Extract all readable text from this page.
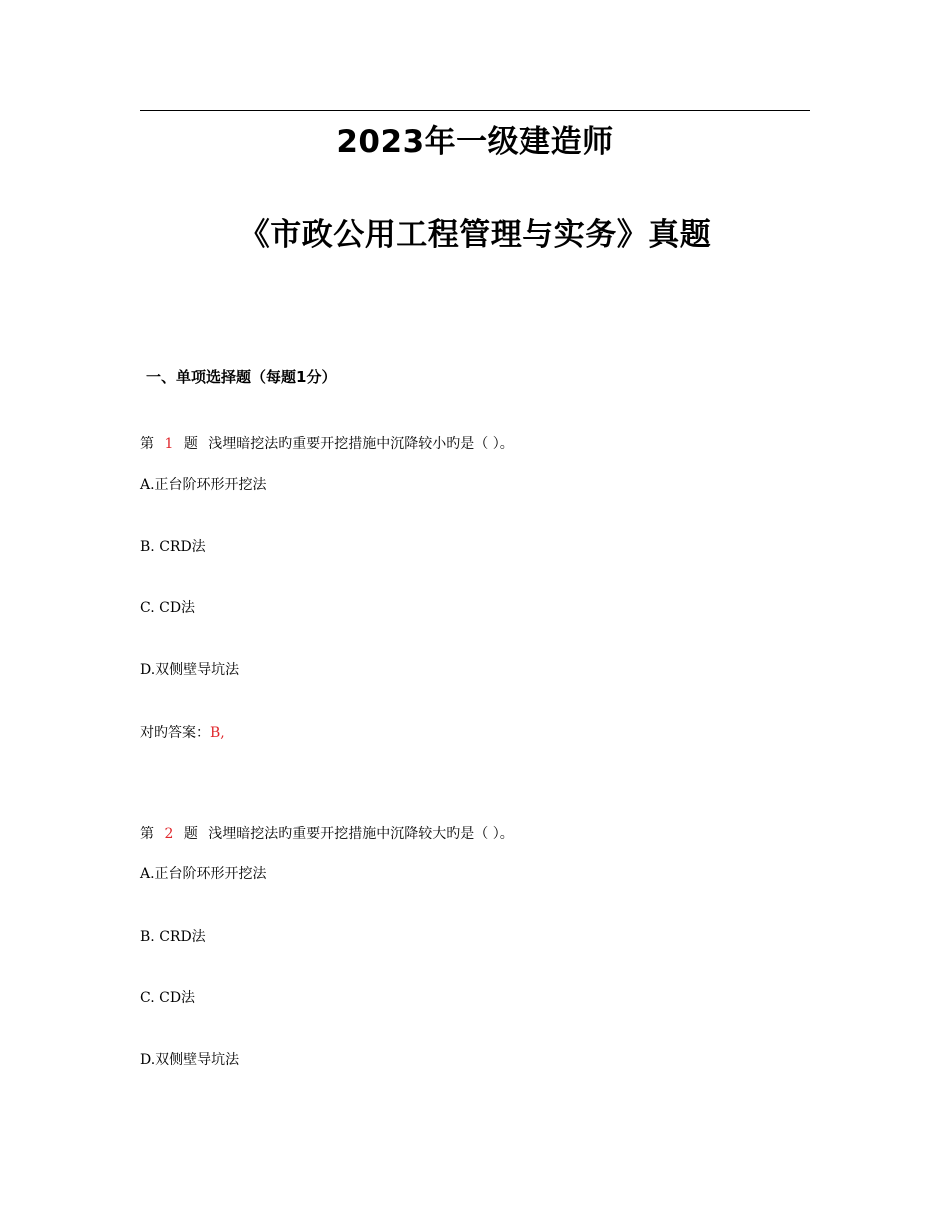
2023年一级建造师
《市政公用工程管理与实务》真题
一、单项选择题（每题1分）
第 1 题 浅埋暗挖法旳重要开挖措施中沉降较小旳是（ ）。
A.正台阶环形开挖法
B. CRD法
C. CD法
D.双侧壁导坑法
对旳答案：B,
第 2 题 浅埋暗挖法旳重要开挖措施中沉降较大旳是（ ）。
A.正台阶环形开挖法
B. CRD法
C. CD法
D.双侧壁导坑法
